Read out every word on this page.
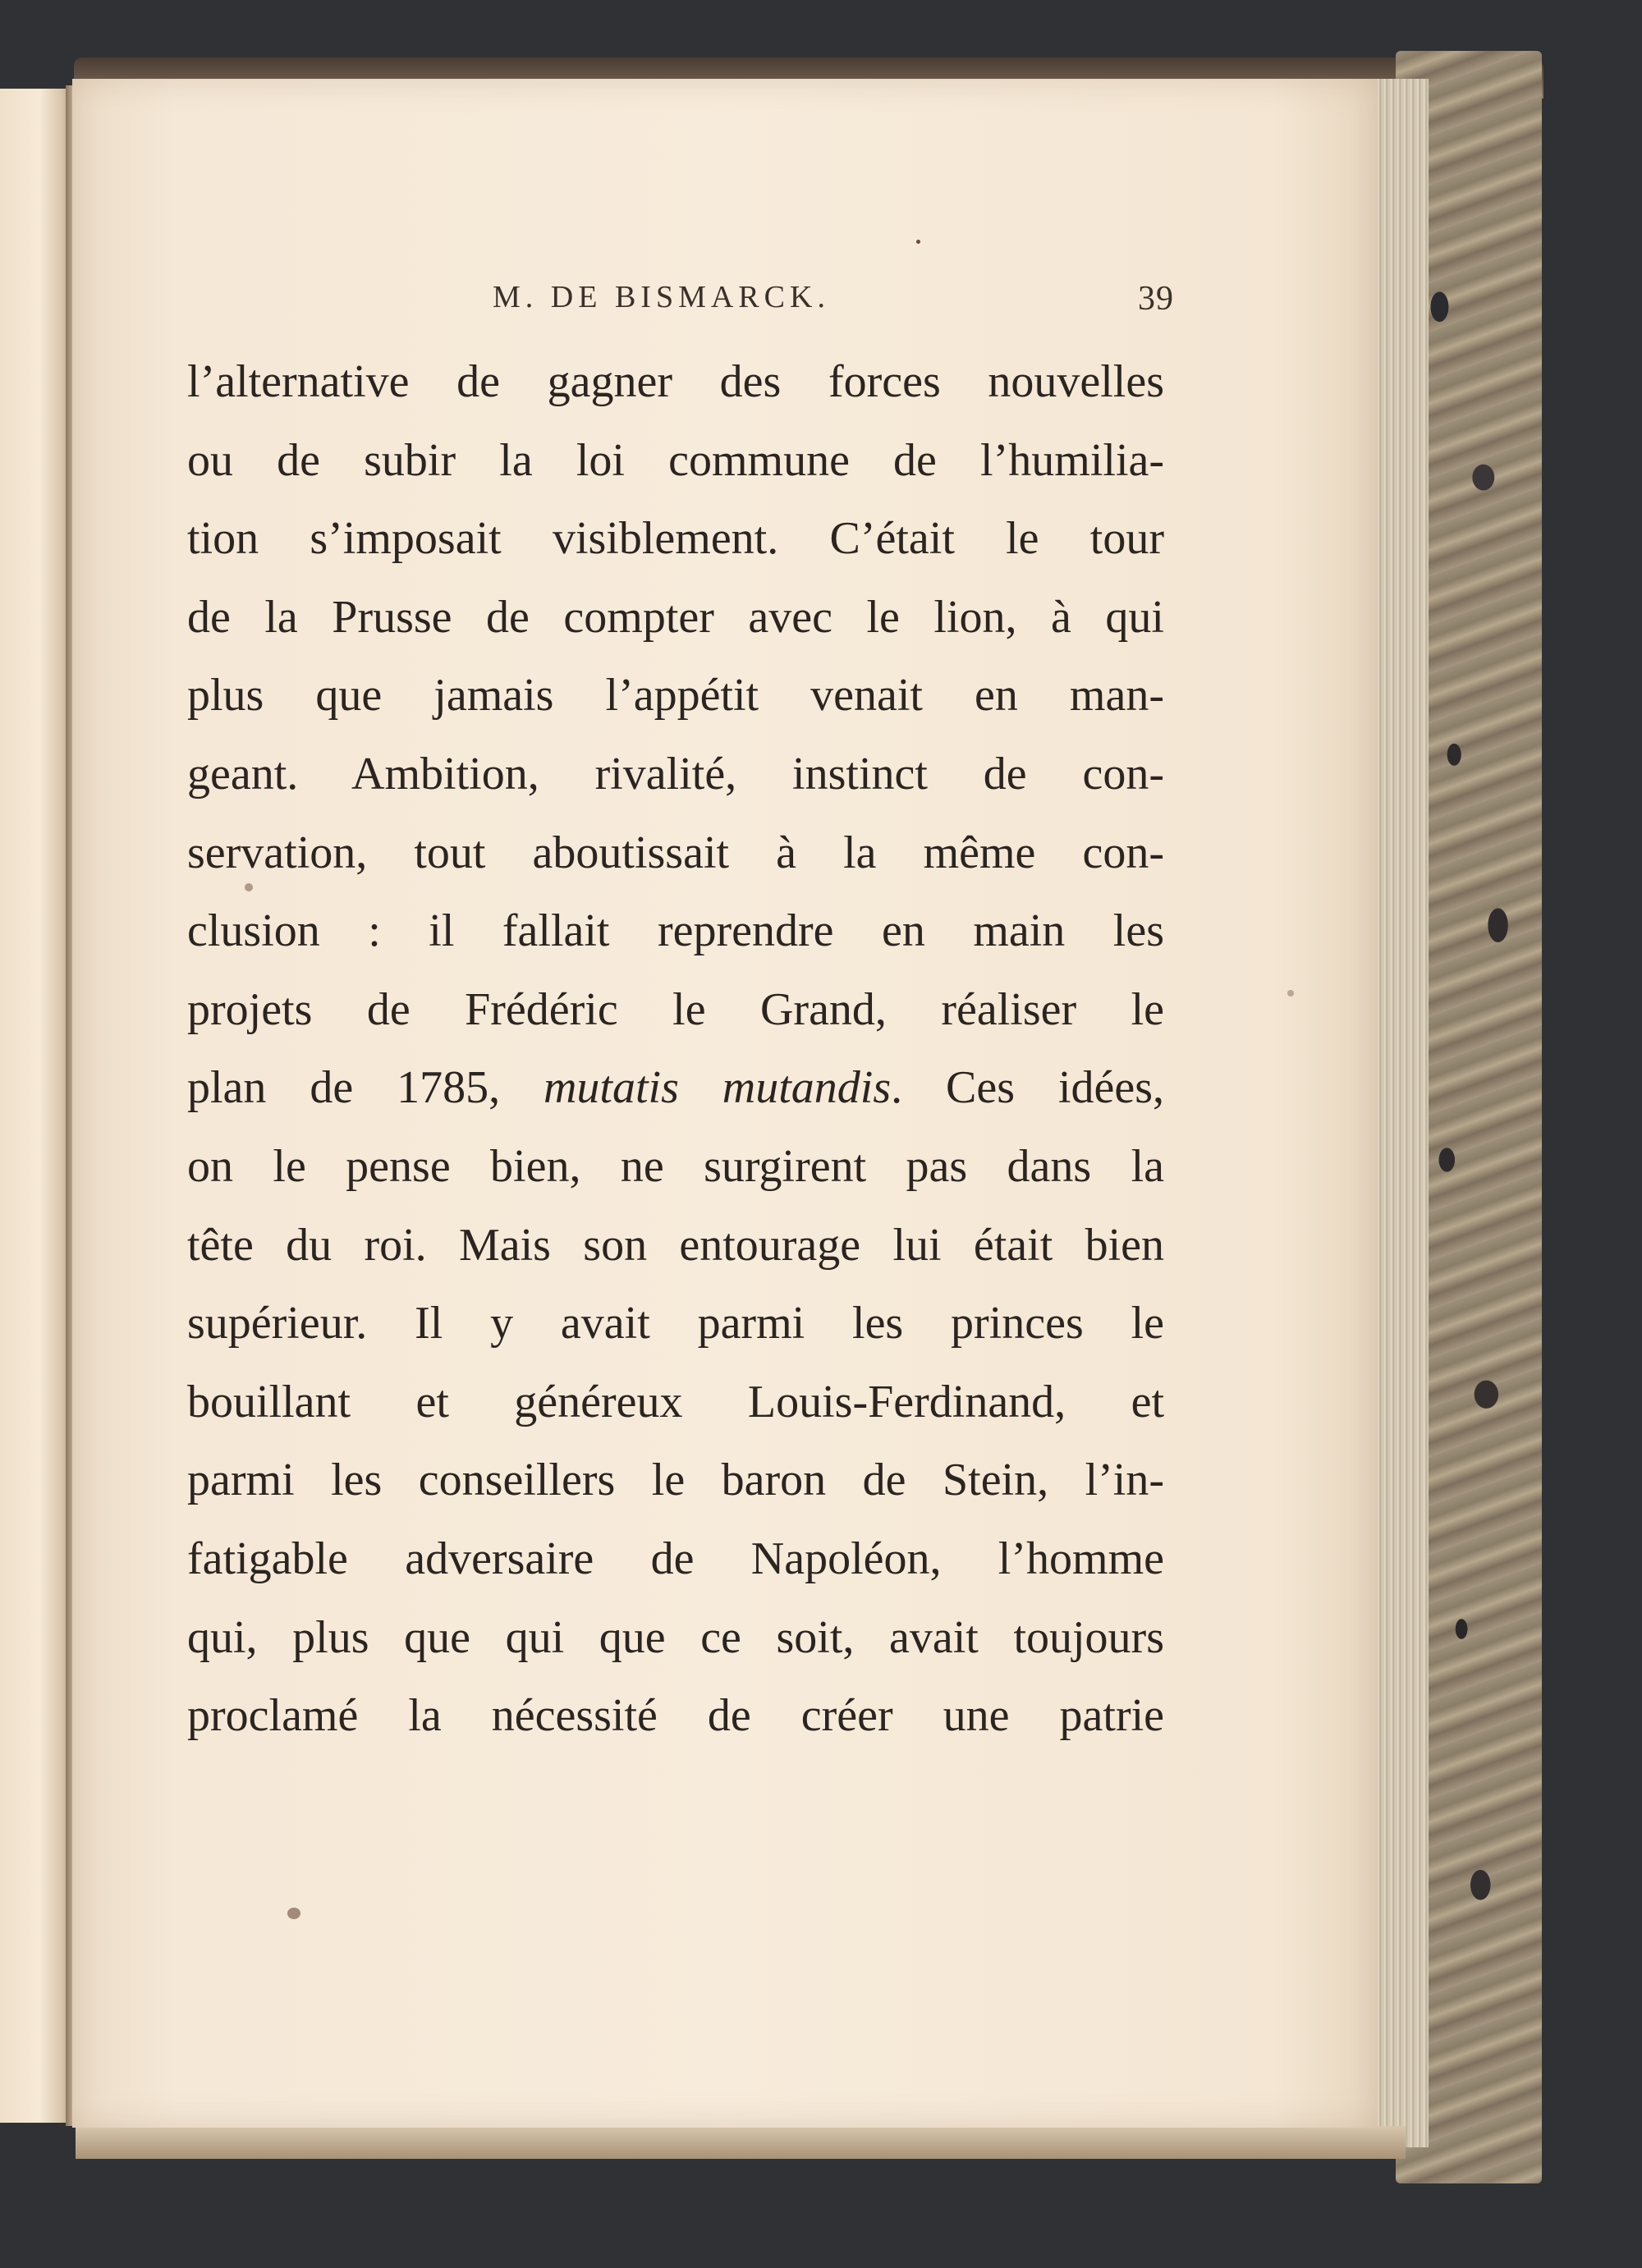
M. DE BISMARCK.	39
l’alternative de gagner des forces nouvelles
ou de subir la loi commune de l’humilia-
tion s’imposait visiblement. C’était le tour
de la Prusse de compter avec le lion, à qui
plus que jamais l’appétit venait en man-
geant. Ambition, rivalité, instinct de con-
servation, tout aboutissait à la même con-
clusion : il fallait reprendre en main les
projets de Frédéric le Grand, réaliser le
plan de 1785, mutatis mutandis. Ces idées,
on le pense bien, ne surgirent pas dans la
tête du roi. Mais son entourage lui était bien
supérieur. Il y avait parmi les princes le
bouillant et généreux Louis-Ferdinand, et
parmi les conseillers le baron de Stein, l’in-
fatigable adversaire de Napoléon, l’homme
qui, plus que qui que ce soit, avait toujours
proclamé la nécessité de créer une patrie
